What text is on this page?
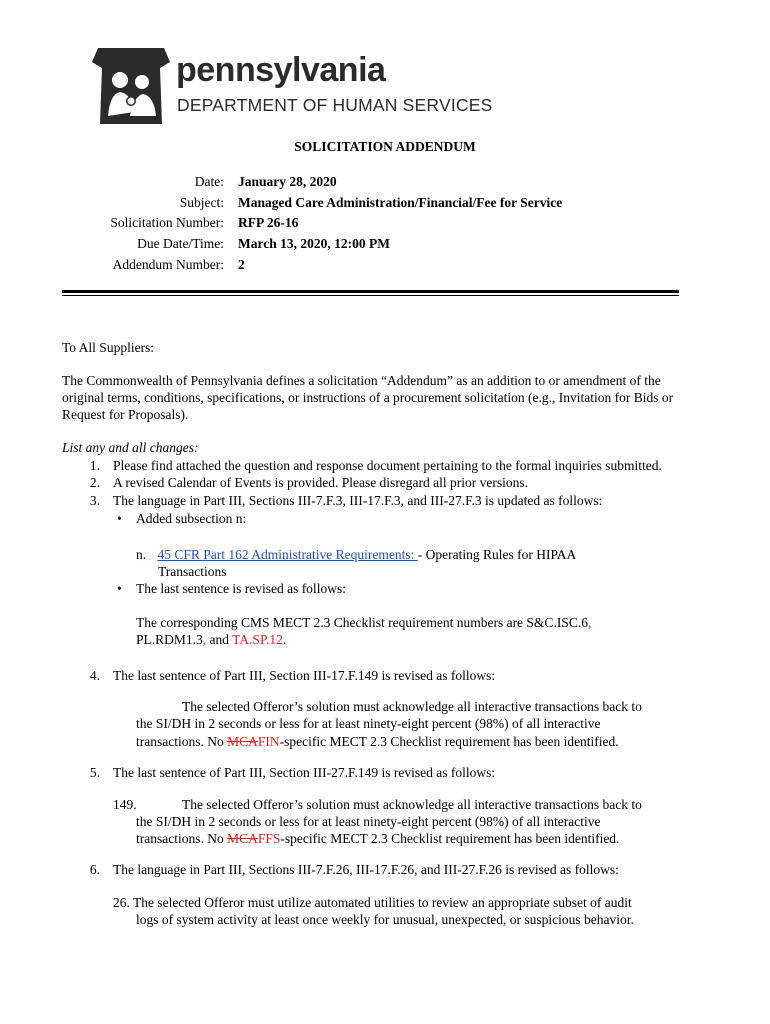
pennsylvania
DEPARTMENT OF HUMAN SERVICES
SOLICITATION ADDENDUM
Date: January 28, 2020
Subject: Managed Care Administration/Financial/Fee for Service
Solicitation Number: RFP 26-16
Due Date/Time: March 13, 2020, 12:00 PM
Addendum Number: 2
To All Suppliers:
The Commonwealth of Pennsylvania defines a solicitation “Addendum” as an addition to or amendment of the original terms, conditions, specifications, or instructions of a procurement solicitation (e.g., Invitation for Bids or Request for Proposals).
List any and all changes:
1. Please find attached the question and response document pertaining to the formal inquiries submitted.
2. A revised Calendar of Events is provided. Please disregard all prior versions.
3. The language in Part III, Sections III-7.F.3, III-17.F.3, and III-27.F.3 is updated as follows:
• Added subsection n:
n. 45 CFR Part 162 Administrative Requirements: - Operating Rules for HIPAA
Transactions
• The last sentence is revised as follows:
The corresponding CMS MECT 2.3 Checklist requirement numbers are S&C.ISC.6,
PL.RDM1.3, and TA.SP.12.
4. The last sentence of Part III, Section III-17.F.149 is revised as follows:
The selected Offeror’s solution must acknowledge all interactive transactions back to
the SI/DH in 2 seconds or less for at least ninety-eight percent (98%) of all interactive
transactions. No MCAFIN-specific MECT 2.3 Checklist requirement has been identified.
5. The last sentence of Part III, Section III-27.F.149 is revised as follows:
149.	The selected Offeror’s solution must acknowledge all interactive transactions back to
the SI/DH in 2 seconds or less for at least ninety-eight percent (98%) of all interactive
transactions. No MCAFFS-specific MECT 2.3 Checklist requirement has been identified.
6. The language in Part III, Sections III-7.F.26, III-17.F.26, and III-27.F.26 is revised as follows:
26. The selected Offeror must utilize automated utilities to review an appropriate subset of audit
logs of system activity at least once weekly for unusual, unexpected, or suspicious behavior.
